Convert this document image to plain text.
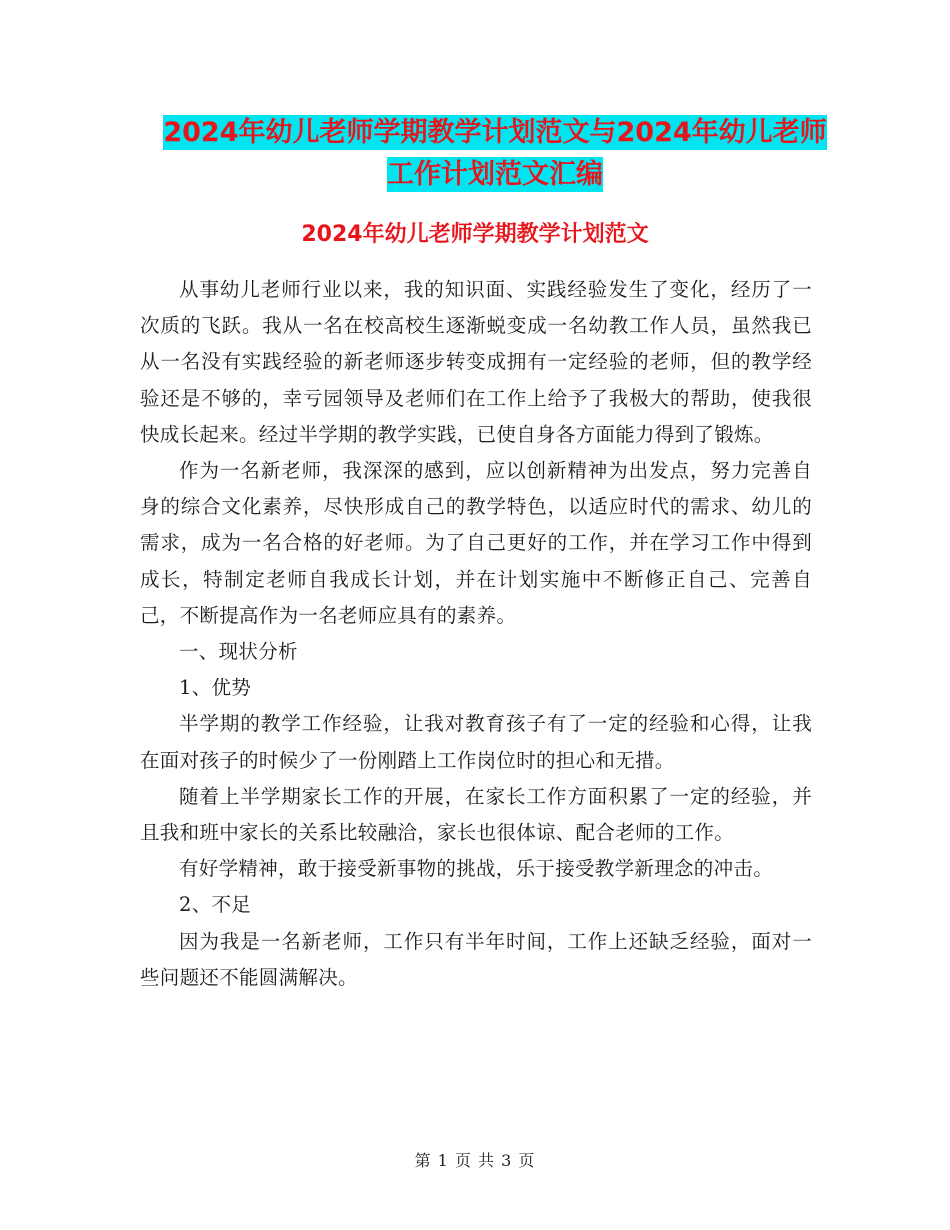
2024年幼儿老师学期教学计划范文与2024年幼儿老师
工作计划范文汇编
2024年幼儿老师学期教学计划范文

从事幼儿老师行业以来，我的知识面、实践经验发生了变化，经历了一次质的飞跃。我从一名在校高校生逐渐蜕变成一名幼教工作人员，虽然我已从一名没有实践经验的新老师逐步转变成拥有一定经验的老师，但的教学经验还是不够的，幸亏园领导及老师们在工作上给予了我极大的帮助，使我很快成长起来。经过半学期的教学实践，已使自身各方面能力得到了锻炼。

作为一名新老师，我深深的感到，应以创新精神为出发点，努力完善自身的综合文化素养，尽快形成自己的教学特色，以适应时代的需求、幼儿的需求，成为一名合格的好老师。为了自己更好的工作，并在学习工作中得到成长，特制定老师自我成长计划，并在计划实施中不断修正自己、完善自己，不断提高作为一名老师应具有的素养。

一、现状分析

1、优势

半学期的教学工作经验，让我对教育孩子有了一定的经验和心得，让我在面对孩子的时候少了一份刚踏上工作岗位时的担心和无措。

随着上半学期家长工作的开展，在家长工作方面积累了一定的经验，并且我和班中家长的关系比较融洽，家长也很体谅、配合老师的工作。

有好学精神，敢于接受新事物的挑战，乐于接受教学新理念的冲击。

2、不足

因为我是一名新老师，工作只有半年时间，工作上还缺乏经验，面对一些问题还不能圆满解决。

第 1 页 共 3 页
